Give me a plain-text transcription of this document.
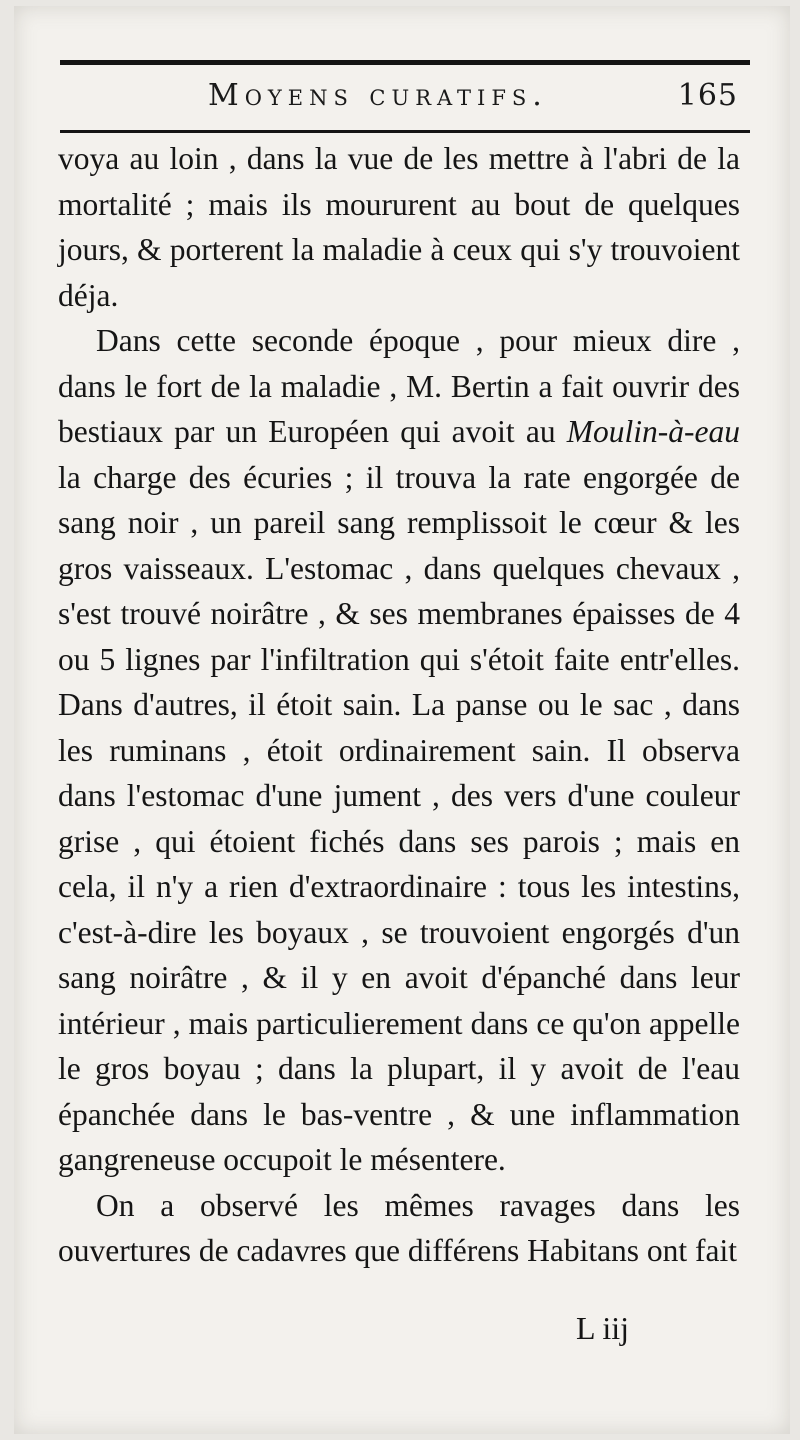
Moyens curatifs.	165

voya au loin , dans la vue de les mettre à l'abri de la mortalité ; mais ils moururent au bout de quelques jours, & porterent la maladie à ceux qui s'y trouvoient déja.

Dans cette seconde époque , pour mieux dire , dans le fort de la maladie , M. Bertin a fait ouvrir des bestiaux par un Européen qui avoit au Moulin-à-eau la charge des écuries ; il trouva la rate engorgée de sang noir , un pareil sang remplissoit le cœur & les gros vaisseaux. L'estomac , dans quelques chevaux , s'est trouvé noirâtre , & ses membranes épaisses de 4 ou 5 lignes par l'infiltration qui s'étoit faite entr'elles. Dans d'autres, il étoit sain. La panse ou le sac , dans les ruminans , étoit ordinairement sain. Il observa dans l'estomac d'une jument , des vers d'une couleur grise , qui étoient fichés dans ses parois ; mais en cela, il n'y a rien d'extraordinaire : tous les intestins, c'est-à-dire les boyaux , se trouvoient engorgés d'un sang noirâtre , & il y en avoit d'épanché dans leur intérieur , mais particulierement dans ce qu'on appelle le gros boyau ; dans la plupart, il y avoit de l'eau épanchée dans le bas-ventre , & une inflammation gangreneuse occupoit le mésentere.

On a observé les mêmes ravages dans les ouvertures de cadavres que différens Habitans ont fait

L iij
